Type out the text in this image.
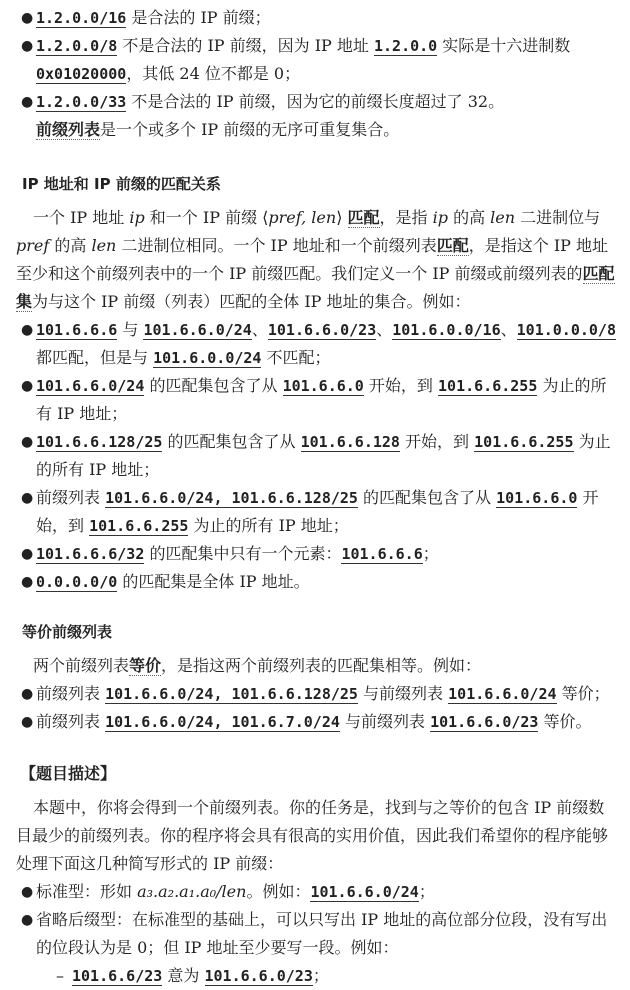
● 1.2.0.0/16 是合法的 IP 前缀；
● 1.2.0.0/8 不是合法的 IP 前缀，因为 IP 地址 1.2.0.0 实际是十六进制数 0x01020000，其低 24 位不都是 0；
● 1.2.0.0/33 不是合法的 IP 前缀，因为它的前缀长度超过了 32。
前缀列表是一个或多个 IP 前缀的无序可重复集合。
IP 地址和 IP 前缀的匹配关系
一个 IP 地址 ip 和一个 IP 前缀 ⟨pref, len⟩ 匹配，是指 ip 的高 len 二进制位与 pref 的高 len 二进制位相同。一个 IP 地址和一个前缀列表匹配，是指这个 IP 地址至少和这个前缀列表中的一个 IP 前缀匹配。我们定义一个 IP 前缀或前缀列表的匹配集为与这个 IP 前缀（列表）匹配的全体 IP 地址的集合。例如：
● 101.6.6.6 与 101.6.6.0/24、101.6.6.0/23、101.6.0.0/16、101.0.0.0/8
都匹配，但是与 101.6.0.0/24 不匹配；
● 101.6.6.0/24 的匹配集包含了从 101.6.6.0 开始，到 101.6.6.255 为止的所有 IP 地址；
● 101.6.6.128/25 的匹配集包含了从 101.6.6.128 开始，到 101.6.6.255 为止的所有 IP 地址；
● 前缀列表 101.6.6.0/24, 101.6.6.128/25 的匹配集包含了从 101.6.6.0 开始，到 101.6.6.255 为止的所有 IP 地址；
● 101.6.6.6/32 的匹配集中只有一个元素：101.6.6.6；
● 0.0.0.0/0 的匹配集是全体 IP 地址。
等价前缀列表
两个前缀列表等价，是指这两个前缀列表的匹配集相等。例如：
● 前缀列表 101.6.6.0/24, 101.6.6.128/25 与前缀列表 101.6.6.0/24 等价；
● 前缀列表 101.6.6.0/24, 101.6.7.0/24 与前缀列表 101.6.6.0/23 等价。
【题目描述】
本题中，你将会得到一个前缀列表。你的任务是，找到与之等价的包含 IP 前缀数目最少的前缀列表。你的程序将会具有很高的实用价值，因此我们希望你的程序能够处理下面这几种简写形式的 IP 前缀：
● 标准型：形如 a₃.a₂.a₁.a₀/len。例如：101.6.6.0/24；
● 省略后缀型：在标准型的基础上，可以只写出 IP 地址的高位部分位段，没有写出的位段认为是 0；但 IP 地址至少要写一段。例如：
– 101.6.6/23 意为 101.6.6.0/23；
